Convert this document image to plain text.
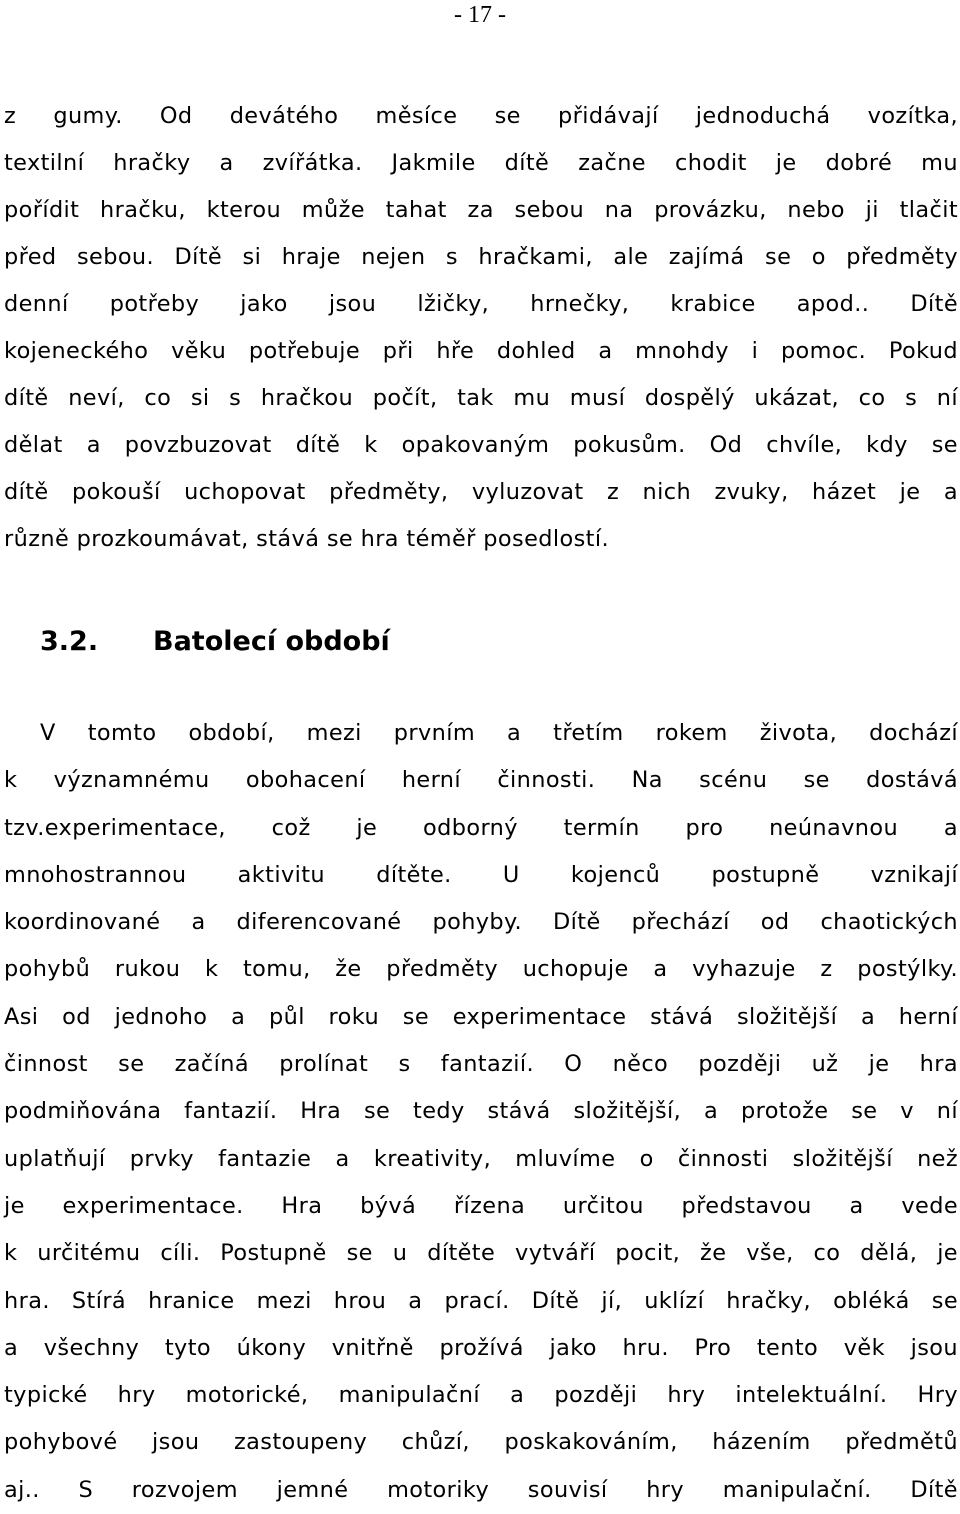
- 17 -
z gumy. Od devátého měsíce se přidávají jednoduchá vozítka,
textilní hračky a zvířátka. Jakmile dítě začne chodit je dobré mu
pořídit hračku, kterou může tahat za sebou na provázku, nebo ji tlačit
před sebou. Dítě si hraje nejen s hračkami, ale zajímá se o předměty
denní potřeby jako jsou lžičky, hrnečky, krabice apod.. Dítě
kojeneckého věku potřebuje při hře dohled a mnohdy i pomoc. Pokud
dítě neví, co si s hračkou počít, tak mu musí dospělý ukázat, co s ní
dělat a povzbuzovat dítě k opakovaným pokusům. Od chvíle, kdy se
dítě pokouší uchopovat předměty, vyluzovat z nich zvuky, házet je a
různě prozkoumávat, stává se hra téměř posedlostí.
3.2. Batolecí období
V tomto období, mezi prvním a třetím rokem života, dochází
k významnému obohacení herní činnosti. Na scénu se dostává
tzv.experimentace, což je odborný termín pro neúnavnou a
mnohostrannou aktivitu dítěte. U kojenců postupně vznikají
koordinované a diferencované pohyby. Dítě přechází od chaotických
pohybů rukou k tomu, že předměty uchopuje a vyhazuje z postýlky.
Asi od jednoho a půl roku se experimentace stává složitější a herní
činnost se začíná prolínat s fantazií. O něco později už je hra
podmiňována fantazií. Hra se tedy stává složitější, a protože se v ní
uplatňují prvky fantazie a kreativity, mluvíme o činnosti složitější než
je experimentace. Hra bývá řízena určitou představou a vede
k určitému cíli. Postupně se u dítěte vytváří pocit, že vše, co dělá, je
hra. Stírá hranice mezi hrou a prací. Dítě jí, uklízí hračky, obléká se
a všechny tyto úkony vnitřně prožívá jako hru. Pro tento věk jsou
typické hry motorické, manipulační a později hry intelektuální. Hry
pohybové jsou zastoupeny chůzí, poskakováním, házením předmětů
aj.. S rozvojem jemné motoriky souvisí hry manipulační. Dítě
